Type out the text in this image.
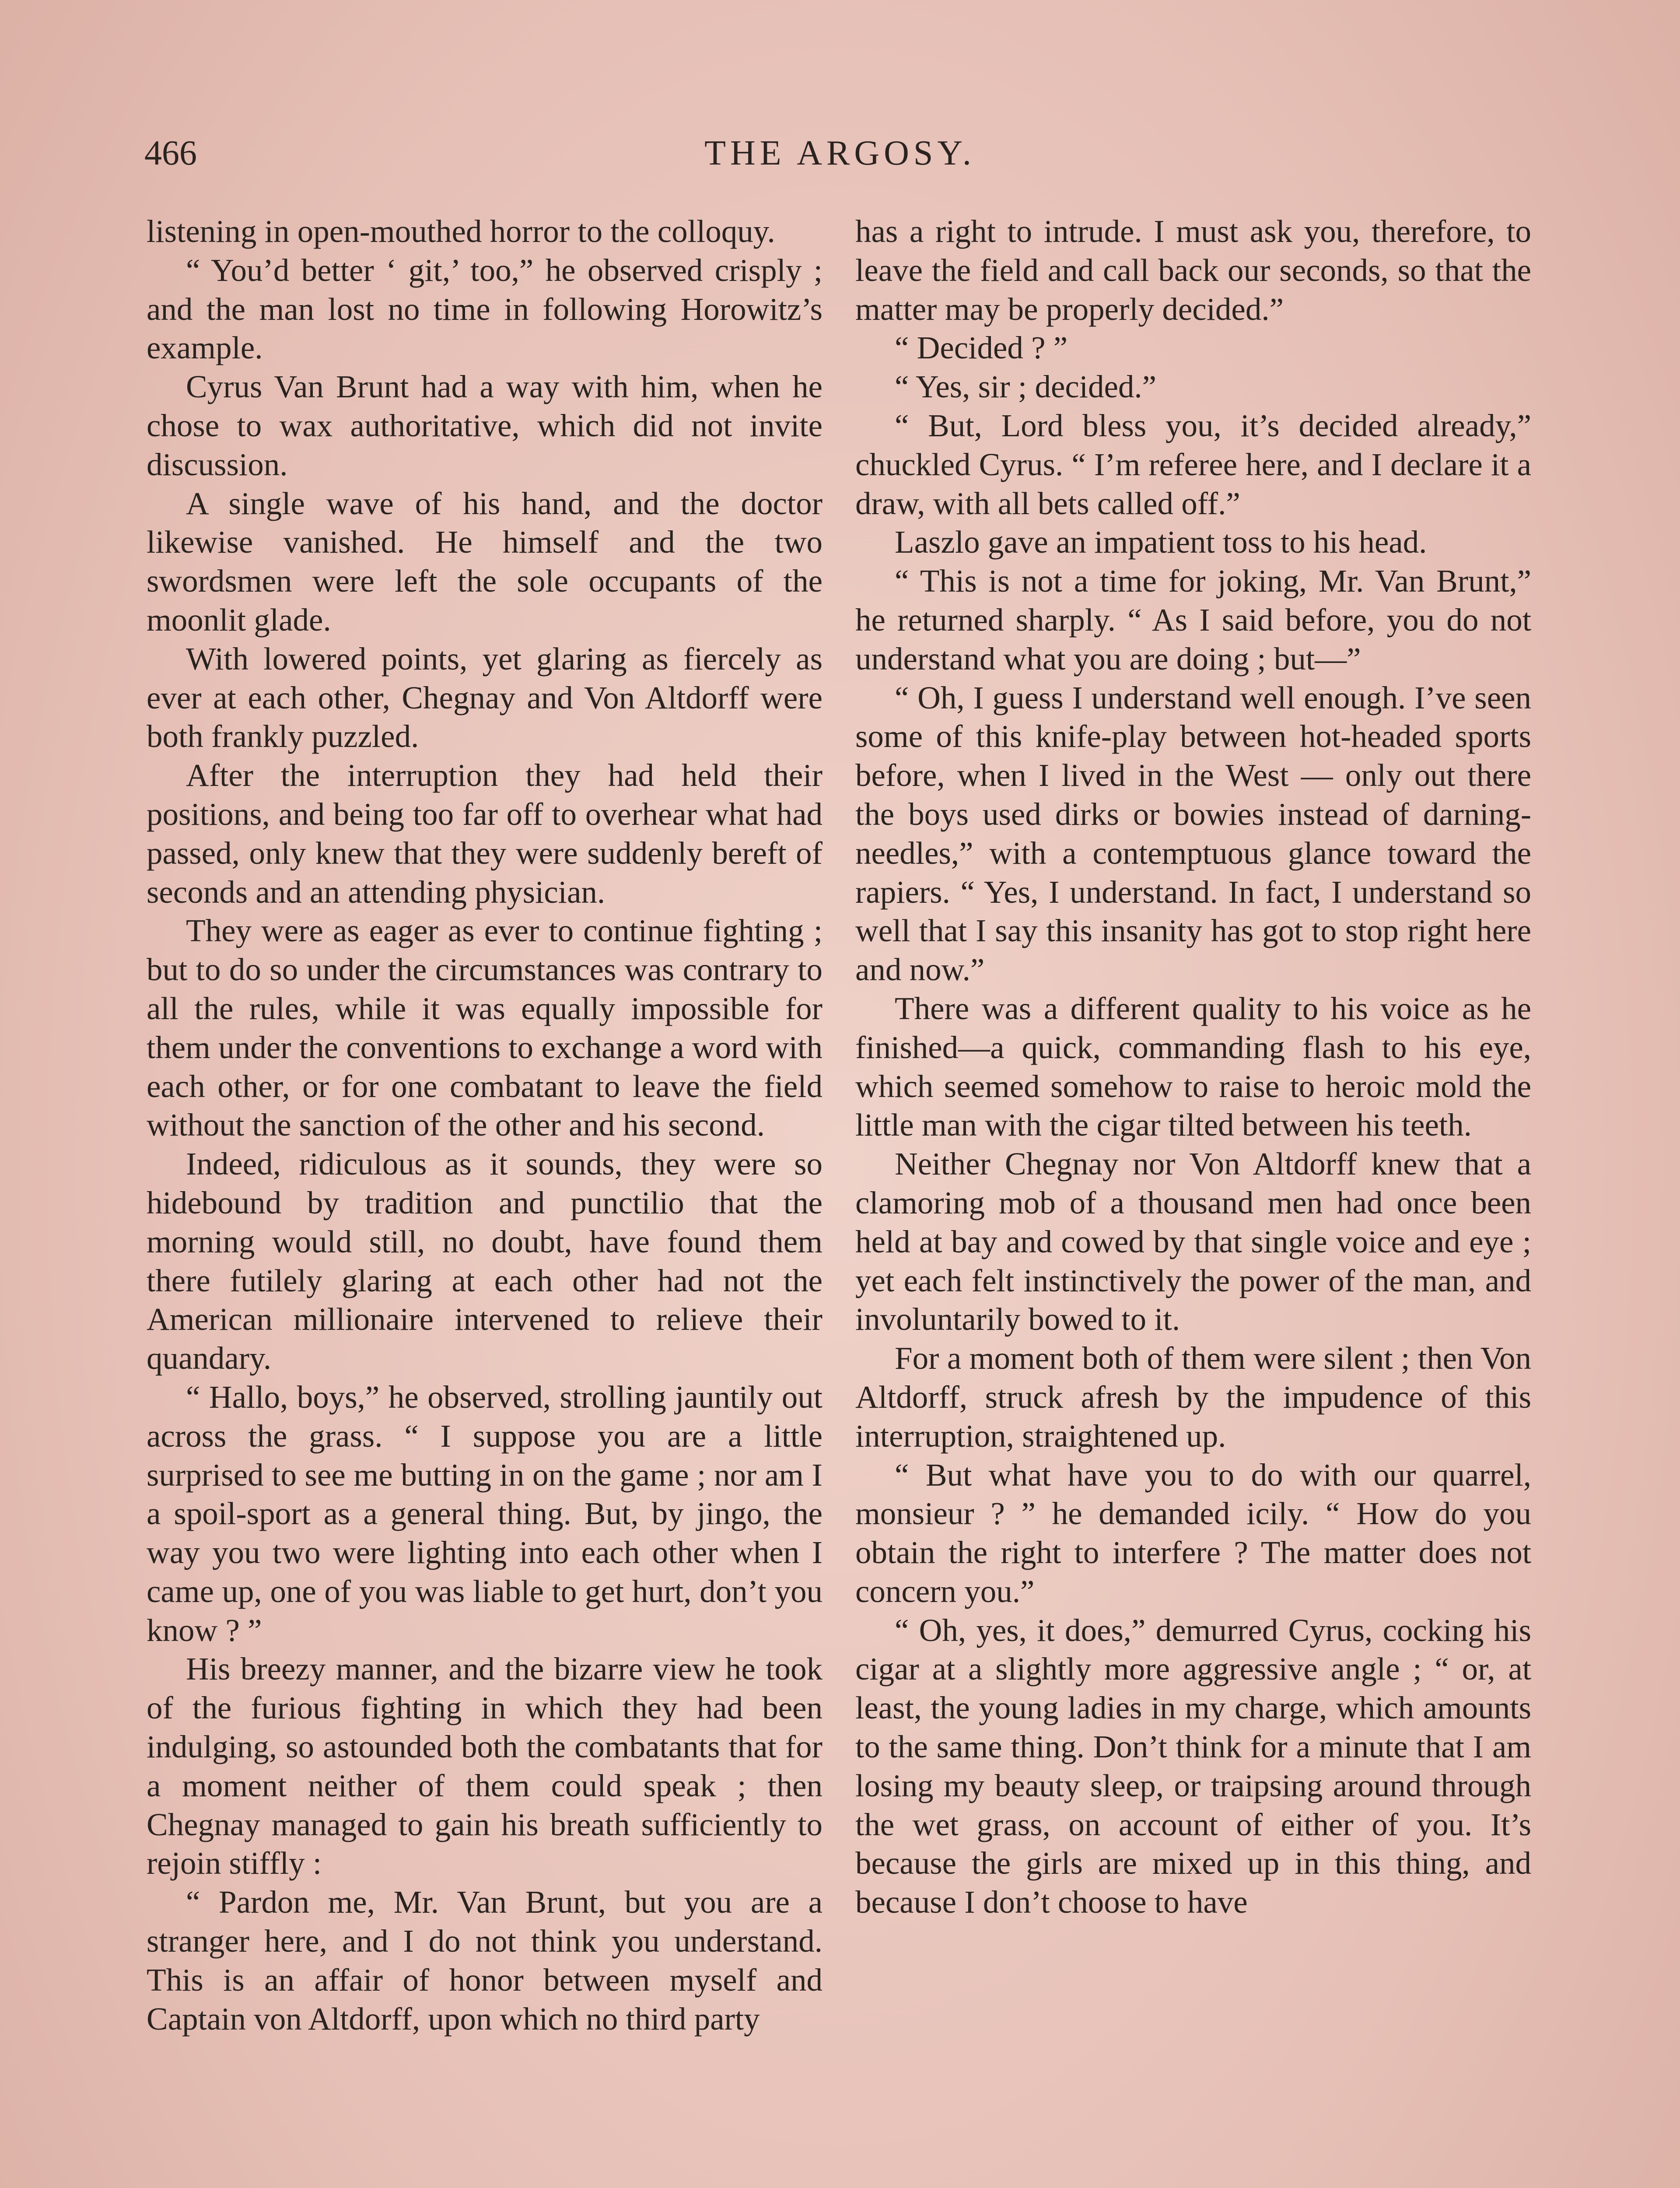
466	THE ARGOSY.

listening in open-mouthed horror to the colloquy.

“ You’d better ‘ git,’ too,” he observed crisply ; and the man lost no time in following Horowitz’s example.

Cyrus Van Brunt had a way with him, when he chose to wax authoritative, which did not invite discussion.

A single wave of his hand, and the doctor likewise vanished. He himself and the two swordsmen were left the sole occupants of the moonlit glade.

With lowered points, yet glaring as fiercely as ever at each other, Chegnay and Von Altdorff were both frankly puzzled.

After the interruption they had held their positions, and being too far off to overhear what had passed, only knew that they were suddenly bereft of seconds and an attending physician.

They were as eager as ever to continue fighting ; but to do so under the circumstances was contrary to all the rules, while it was equally impossible for them under the conventions to exchange a word with each other, or for one combatant to leave the field without the sanction of the other and his second.

Indeed, ridiculous as it sounds, they were so hidebound by tradition and punctilio that the morning would still, no doubt, have found them there futilely glaring at each other had not the American millionaire intervened to relieve their quandary.

“ Hallo, boys,” he observed, strolling jauntily out across the grass. “ I suppose you are a little surprised to see me butting in on the game ; nor am I a spoil-sport as a general thing. But, by jingo, the way you two were lighting into each other when I came up, one of you was liable to get hurt, don’t you know ? ”

His breezy manner, and the bizarre view he took of the furious fighting in which they had been indulging, so astounded both the combatants that for a moment neither of them could speak ; then Chegnay managed to gain his breath sufficiently to rejoin stiffly :

“ Pardon me, Mr. Van Brunt, but you are a stranger here, and I do not think you understand. This is an affair of honor between myself and Captain von Altdorff, upon which no third party

has a right to intrude. I must ask you, therefore, to leave the field and call back our seconds, so that the matter may be properly decided.”

“ Decided ? ”

“ Yes, sir ; decided.”

“ But, Lord bless you, it’s decided already,” chuckled Cyrus. “ I’m referee here, and I declare it a draw, with all bets called off.”

Laszlo gave an impatient toss to his head.

“ This is not a time for joking, Mr. Van Brunt,” he returned sharply. “ As I said before, you do not understand what you are doing ; but—”

“ Oh, I guess I understand well enough. I’ve seen some of this knife-play between hot-headed sports before, when I lived in the West — only out there the boys used dirks or bowies instead of darning-needles,” with a contemptuous glance toward the rapiers. “ Yes, I understand. In fact, I understand so well that I say this insanity has got to stop right here and now.”

There was a different quality to his voice as he finished—a quick, commanding flash to his eye, which seemed somehow to raise to heroic mold the little man with the cigar tilted between his teeth.

Neither Chegnay nor Von Altdorff knew that a clamoring mob of a thousand men had once been held at bay and cowed by that single voice and eye ; yet each felt instinctively the power of the man, and involuntarily bowed to it.

For a moment both of them were silent ; then Von Altdorff, struck afresh by the impudence of this interruption, straightened up.

“ But what have you to do with our quarrel, monsieur ? ” he demanded icily. “ How do you obtain the right to interfere ? The matter does not concern you.”

“ Oh, yes, it does,” demurred Cyrus, cocking his cigar at a slightly more aggressive angle ; “ or, at least, the young ladies in my charge, which amounts to the same thing. Don’t think for a minute that I am losing my beauty sleep, or traipsing around through the wet grass, on account of either of you. It’s because the girls are mixed up in this thing, and because I don’t choose to have
